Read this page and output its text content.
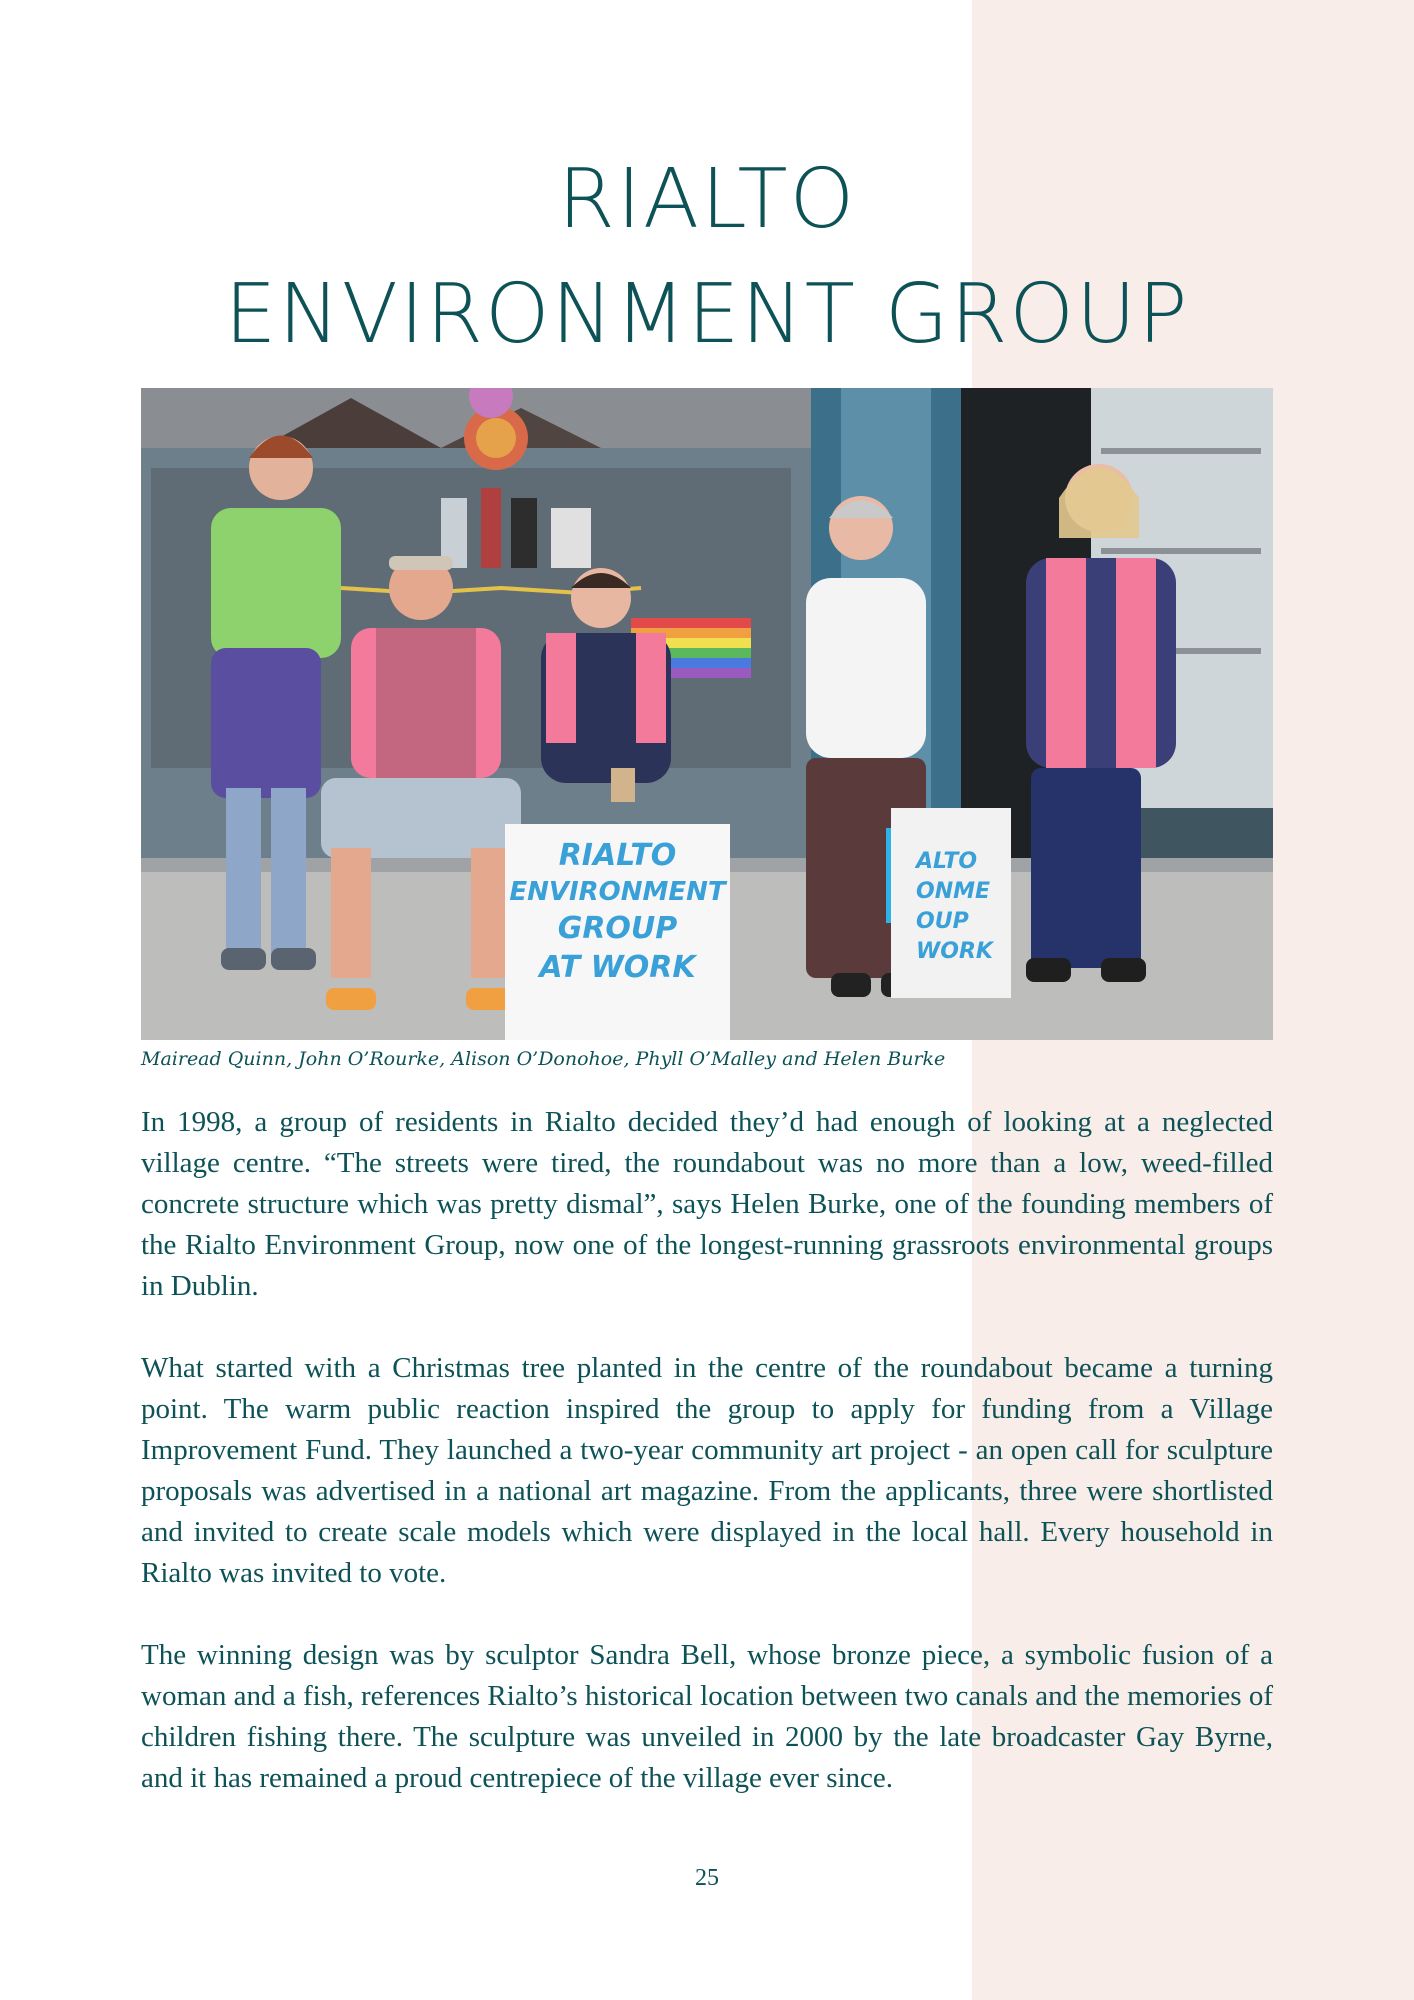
RIALTO
ENVIRONMENT GROUP
ALTO
ONME
OUP
WORK
RIALTO
ENVIRONMENT
GROUP
AT WORK

Mairead Quinn, John O’Rourke, Alison O’Donohoe, Phyll O’Malley and Helen Burke

In 1998, a group of residents in Rialto decided they’d had enough of looking at a neglected village centre. “The streets were tired, the roundabout was no more than a low, weed-filled concrete structure which was pretty dismal”, says Helen Burke, one of the founding members of the Rialto Environment Group, now one of the longest-running grassroots environmental groups in Dublin.

What started with a Christmas tree planted in the centre of the roundabout became a turning point. The warm public reaction inspired the group to apply for funding from a Village Improvement Fund. They launched a two-year community art project - an open call for sculpture proposals was advertised in a national art magazine. From the applicants, three were shortlisted and invited to create scale models which were displayed in the local hall. Every household in Rialto was invited to vote.

The winning design was by sculptor Sandra Bell, whose bronze piece, a symbolic fusion of a woman and a fish, references Rialto’s historical location between two canals and the memories of children fishing there. The sculpture was unveiled in 2000 by the late broadcaster Gay Byrne, and it has remained a proud centrepiece of the village ever since.

25
